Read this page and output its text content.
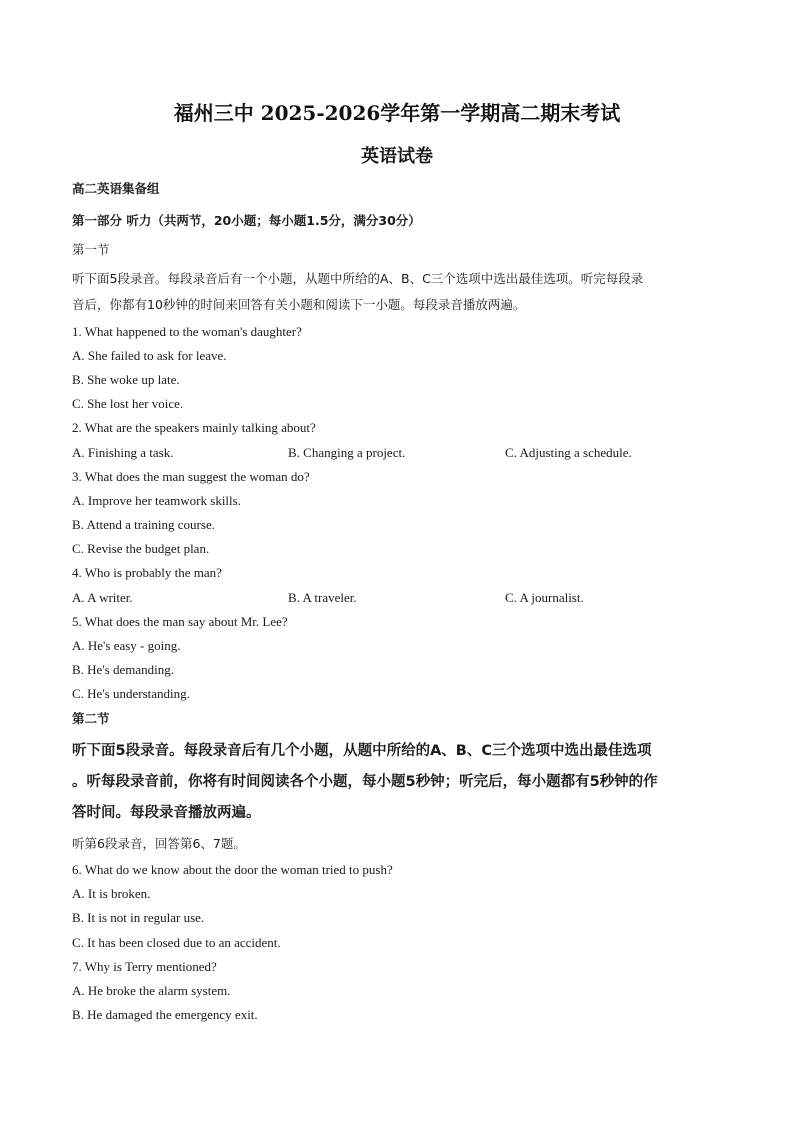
福州三中 2025-2026学年第一学期高二期末考试
英语试卷
高二英语集备组
第一部分 听力（共两节，20小题；每小题1.5分，满分30分）
第一节
听下面5段录音。每段录音后有一个小题，从题中所给的A、B、C三个选项中选出最佳选项。听完每段录
音后，你都有10秒钟的时间来回答有关小题和阅读下一小题。每段录音播放两遍。
1. What happened to the woman's daughter?
A. She failed to ask for leave.
B. She woke up late.
C. She lost her voice.
2. What are the speakers mainly talking about?
A. Finishing a task.	B. Changing a project.	C. Adjusting a schedule.
3. What does the man suggest the woman do?
A. Improve her teamwork skills.
B. Attend a training course.
C. Revise the budget plan.
4. Who is probably the man?
A. A writer.	B. A traveler.	C. A journalist.
5. What does the man say about Mr. Lee?
A. He's easy - going.
B. He's demanding.
C. He's understanding.
第二节
听下面5段录音。每段录音后有几个小题，从题中所给的A、B、C三个选项中选出最佳选项
。听每段录音前，你将有时间阅读各个小题，每小题5秒钟；听完后，每小题都有5秒钟的作
答时间。每段录音播放两遍。
听第6段录音，回答第6、7题。
6. What do we know about the door the woman tried to push?
A. It is broken.
B. It is not in regular use.
C. It has been closed due to an accident.
7. Why is Terry mentioned?
A. He broke the alarm system.
B. He damaged the emergency exit.
